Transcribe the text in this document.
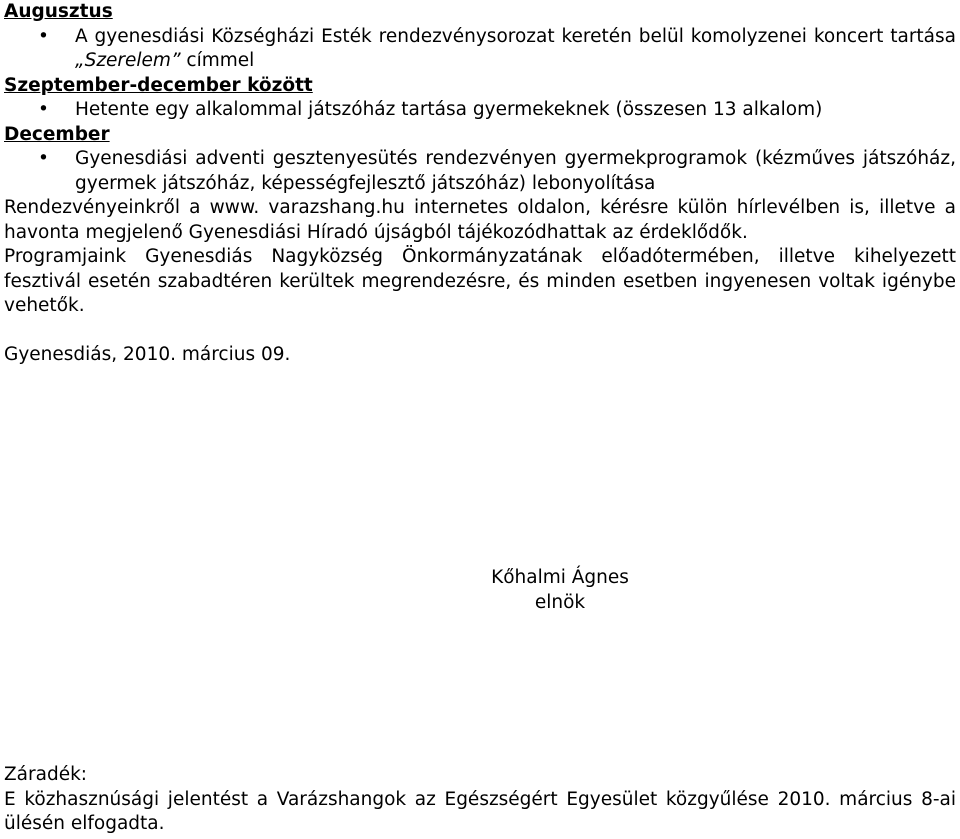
Augusztus

• A gyenesdiási Községházi Esték rendezvénysorozat keretén belül komolyzenei koncert tartása „Szerelem” címmel

Szeptember-december között

• Hetente egy alkalommal játszóház tartása gyermekeknek (összesen 13 alkalom)

December

• Gyenesdiási adventi gesztenyesütés rendezvényen gyermekprogramok (kézműves játszóház, gyermek játszóház, képességfejlesztő játszóház) lebonyolítása

Rendezvényeinkről a www. varazshang.hu internetes oldalon, kérésre külön hírlevélben is, illetve a havonta megjelenő Gyenesdiási Híradó újságból tájékozódhattak az érdeklődők.

Programjaink Gyenesdiás Nagyközség Önkormányzatának előadótermében, illetve kihelyezett fesztivál esetén szabadtéren kerültek megrendezésre, és minden esetben ingyenesen voltak igénybe vehetők.

Gyenesdiás, 2010. március 09.

Kőhalmi Ágnes
elnök

Záradék:

E közhasznúsági jelentést a Varázshangok az Egészségért Egyesület közgyűlése 2010. március 8-ai ülésén elfogadta.
